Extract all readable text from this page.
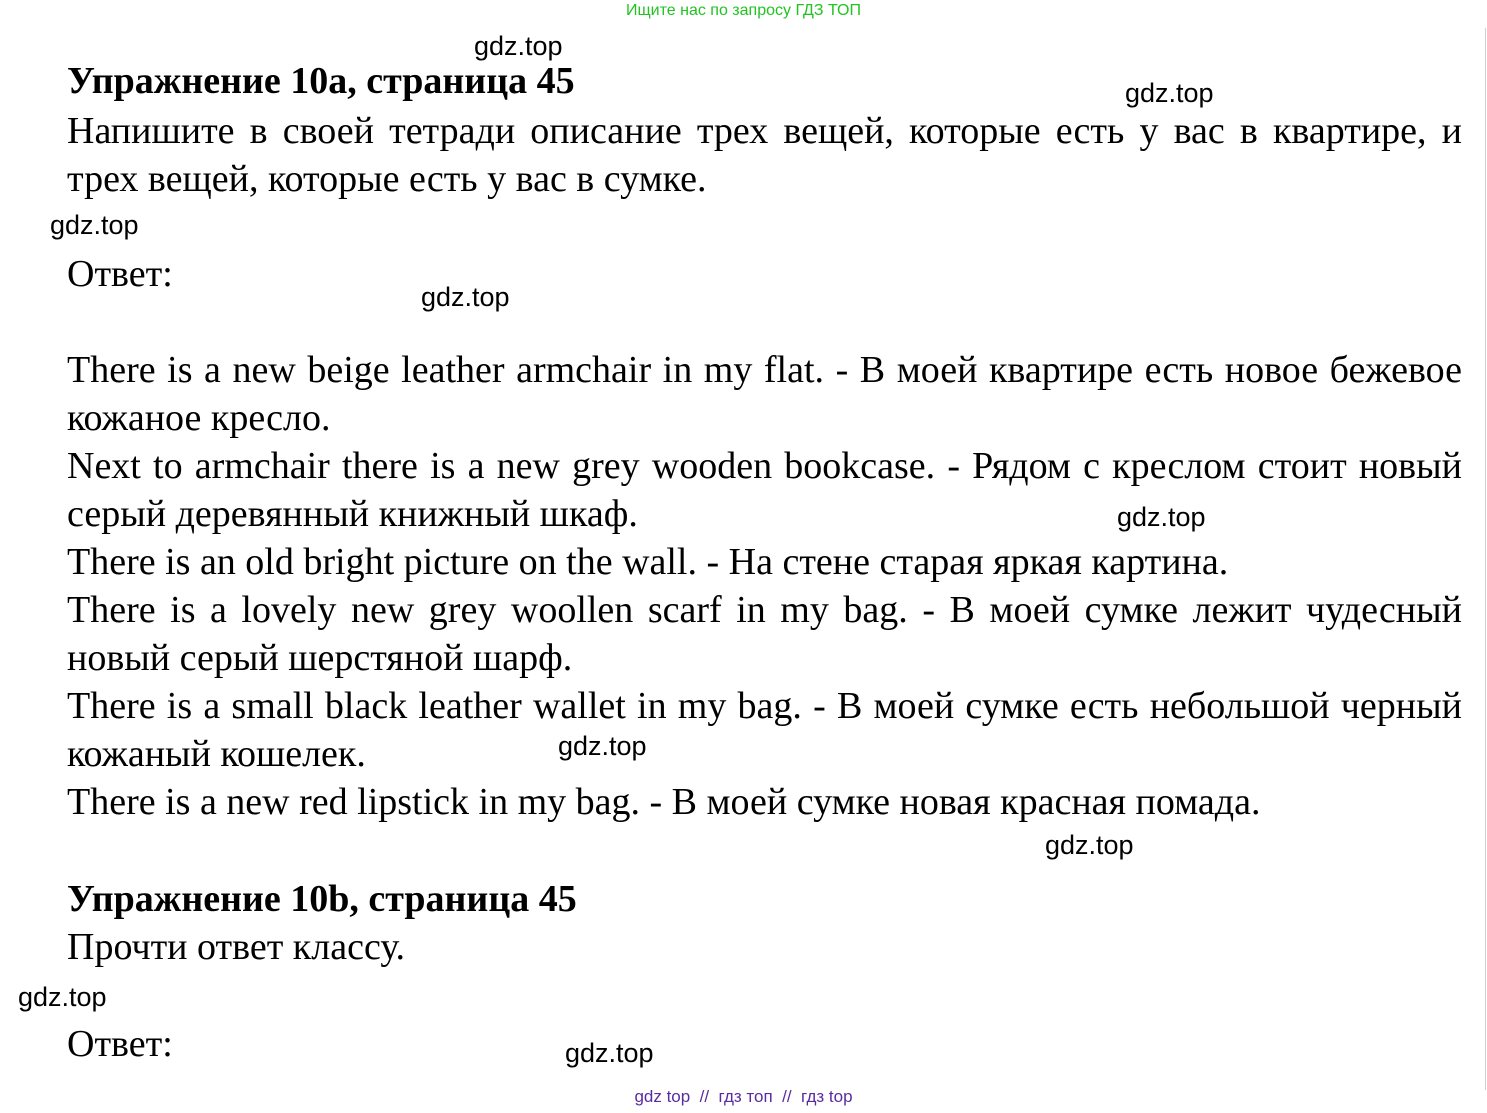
Ищите нас по запросу ГДЗ ТОП
Упражнение 10a, страница 45
Напишите в своей тетради описание трех вещей, которые есть у вас в квартире, и трех вещей, которые есть у вас в сумке.
Ответ:
There is a new beige leather armchair in my flat. - В моей квартире есть новое бежевое кожаное кресло.
Next to armchair there is a new grey wooden bookcase. - Рядом с креслом стоит новый серый деревянный книжный шкаф.
There is an old bright picture on the wall. - На стене старая яркая картина.
There is a lovely new grey woollen scarf in my bag. - В моей сумке лежит чудесный новый серый шерстяной шарф.
There is a small black leather wallet in my bag. - В моей сумке есть небольшой черный кожаный кошелек.
There is a new red lipstick in my bag. - В моей сумке новая красная помада.
Упражнение 10b, страница 45
Прочти ответ классу.
Ответ:
gdz.top
gdz.top
gdz.top
gdz.top
gdz.top
gdz.top
gdz.top
gdz.top
gdz.top
gdz top  //  гдз топ  //  гдз top
